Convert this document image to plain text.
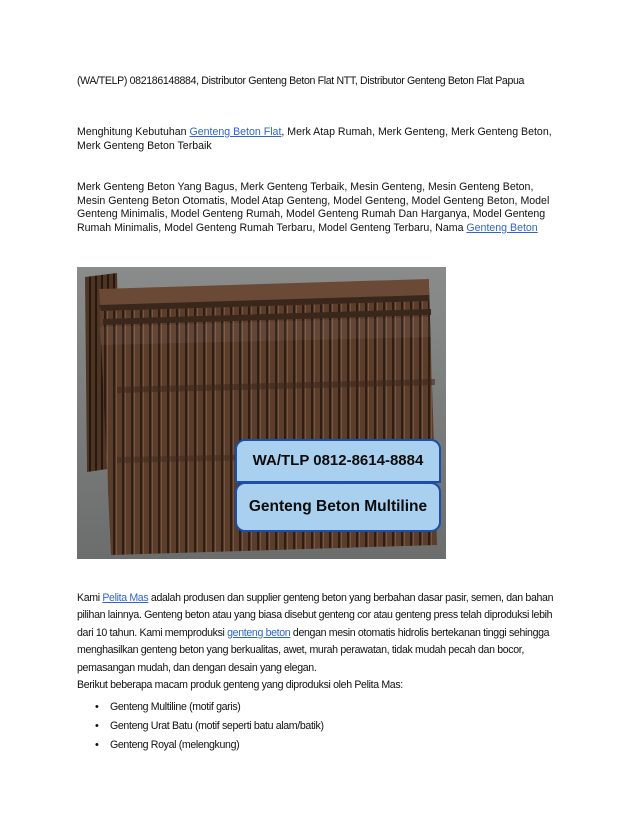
(WA/TELP) 082186148884, Distributor Genteng Beton Flat NTT, Distributor Genteng Beton Flat Papua

Menghitung Kebutuhan Genteng Beton Flat, Merk Atap Rumah, Merk Genteng, Merk Genteng Beton, Merk Genteng Beton Terbaik

Merk Genteng Beton Yang Bagus, Merk Genteng Terbaik, Mesin Genteng, Mesin Genteng Beton, Mesin Genteng Beton Otomatis, Model Atap Genteng, Model Genteng, Model Genteng Beton, Model Genteng Minimalis, Model Genteng Rumah, Model Genteng Rumah Dan Harganya, Model Genteng Rumah Minimalis, Model Genteng Rumah Terbaru, Model Genteng Terbaru, Nama Genteng Beton

WA/TLP 0812-8614-8884
Genteng Beton Multiline

Kami Pelita Mas adalah produsen dan supplier genteng beton yang berbahan dasar pasir, semen, dan bahan pilihan lainnya. Genteng beton atau yang biasa disebut genteng cor atau genteng press telah diproduksi lebih dari 10 tahun. Kami memproduksi genteng beton dengan mesin otomatis hidrolis bertekanan tinggi sehingga menghasilkan genteng beton yang berkualitas, awet, murah perawatan, tidak mudah pecah dan bocor, pemasangan mudah, dan dengan desain yang elegan.

Berikut beberapa macam produk genteng yang diproduksi oleh Pelita Mas:

• Genteng Multiline (motif garis)
• Genteng Urat Batu (motif seperti batu alam/batik)
• Genteng Royal (melengkung)
